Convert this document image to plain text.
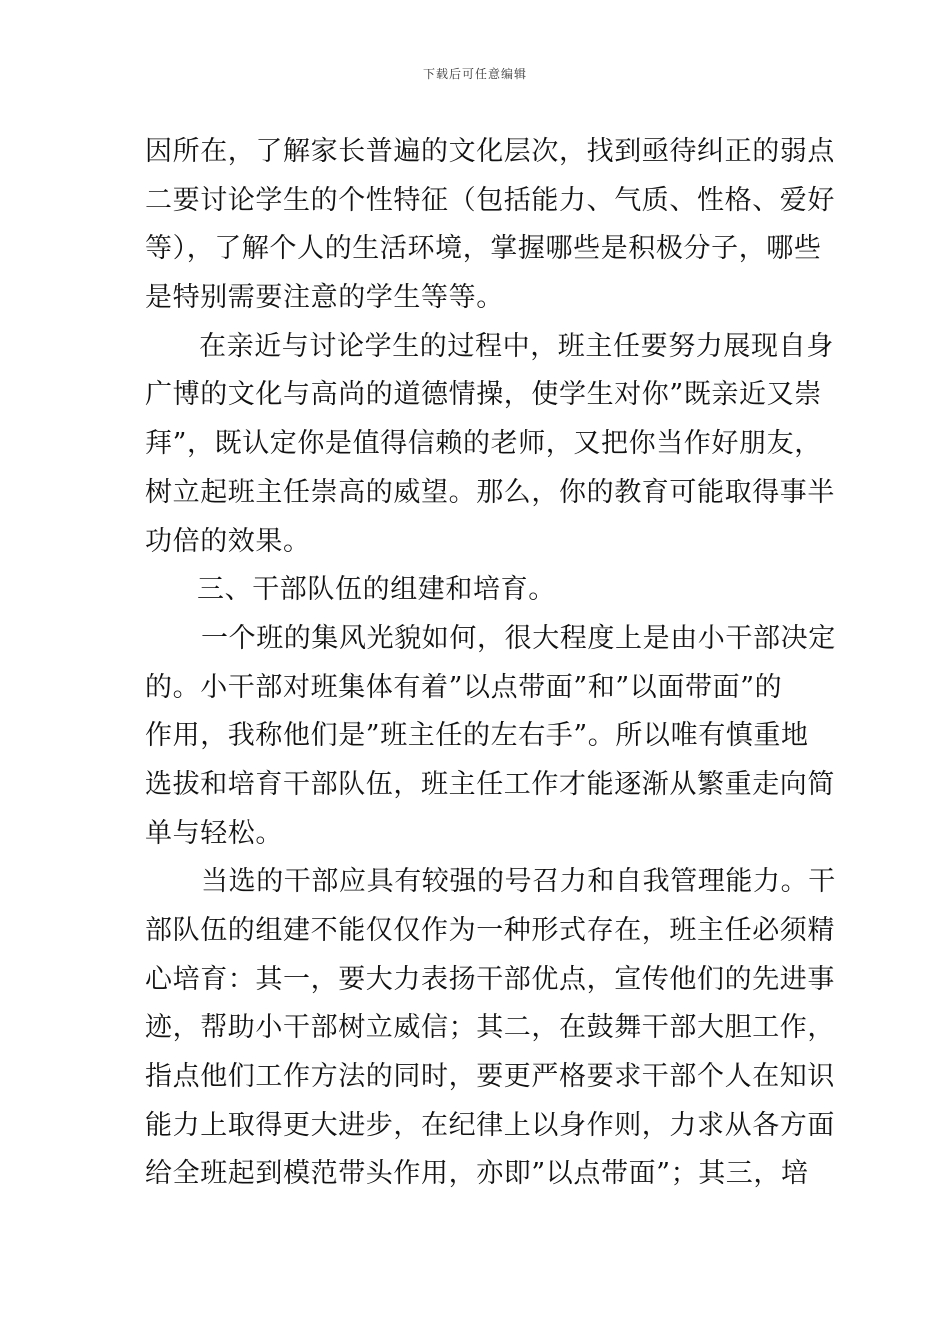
下载后可任意编辑
因所在，了解家长普遍的文化层次，找到亟待纠正的弱点
二要讨论学生的个性特征（包括能力、气质、性格、爱好
等），了解个人的生活环境，掌握哪些是积极分子，哪些
是特别需要注意的学生等等。
在亲近与讨论学生的过程中，班主任要努力展现自身
广博的文化与高尚的道德情操，使学生对你”既亲近又崇
拜”，既认定你是值得信赖的老师，又把你当作好朋友，
树立起班主任崇高的威望。那么，你的教育可能取得事半
功倍的效果。
三、干部队伍的组建和培育。
一个班的集风光貌如何，很大程度上是由小干部决定
的。小干部对班集体有着”以点带面”和”以面带面”的
作用，我称他们是”班主任的左右手”。所以唯有慎重地
选拔和培育干部队伍，班主任工作才能逐渐从繁重走向简
单与轻松。
当选的干部应具有较强的号召力和自我管理能力。干
部队伍的组建不能仅仅作为一种形式存在，班主任必须精
心培育：其一，要大力表扬干部优点，宣传他们的先进事
迹，帮助小干部树立威信；其二，在鼓舞干部大胆工作，
指点他们工作方法的同时，要更严格要求干部个人在知识
能力上取得更大进步，在纪律上以身作则，力求从各方面
给全班起到模范带头作用，亦即”以点带面”；其三，培
